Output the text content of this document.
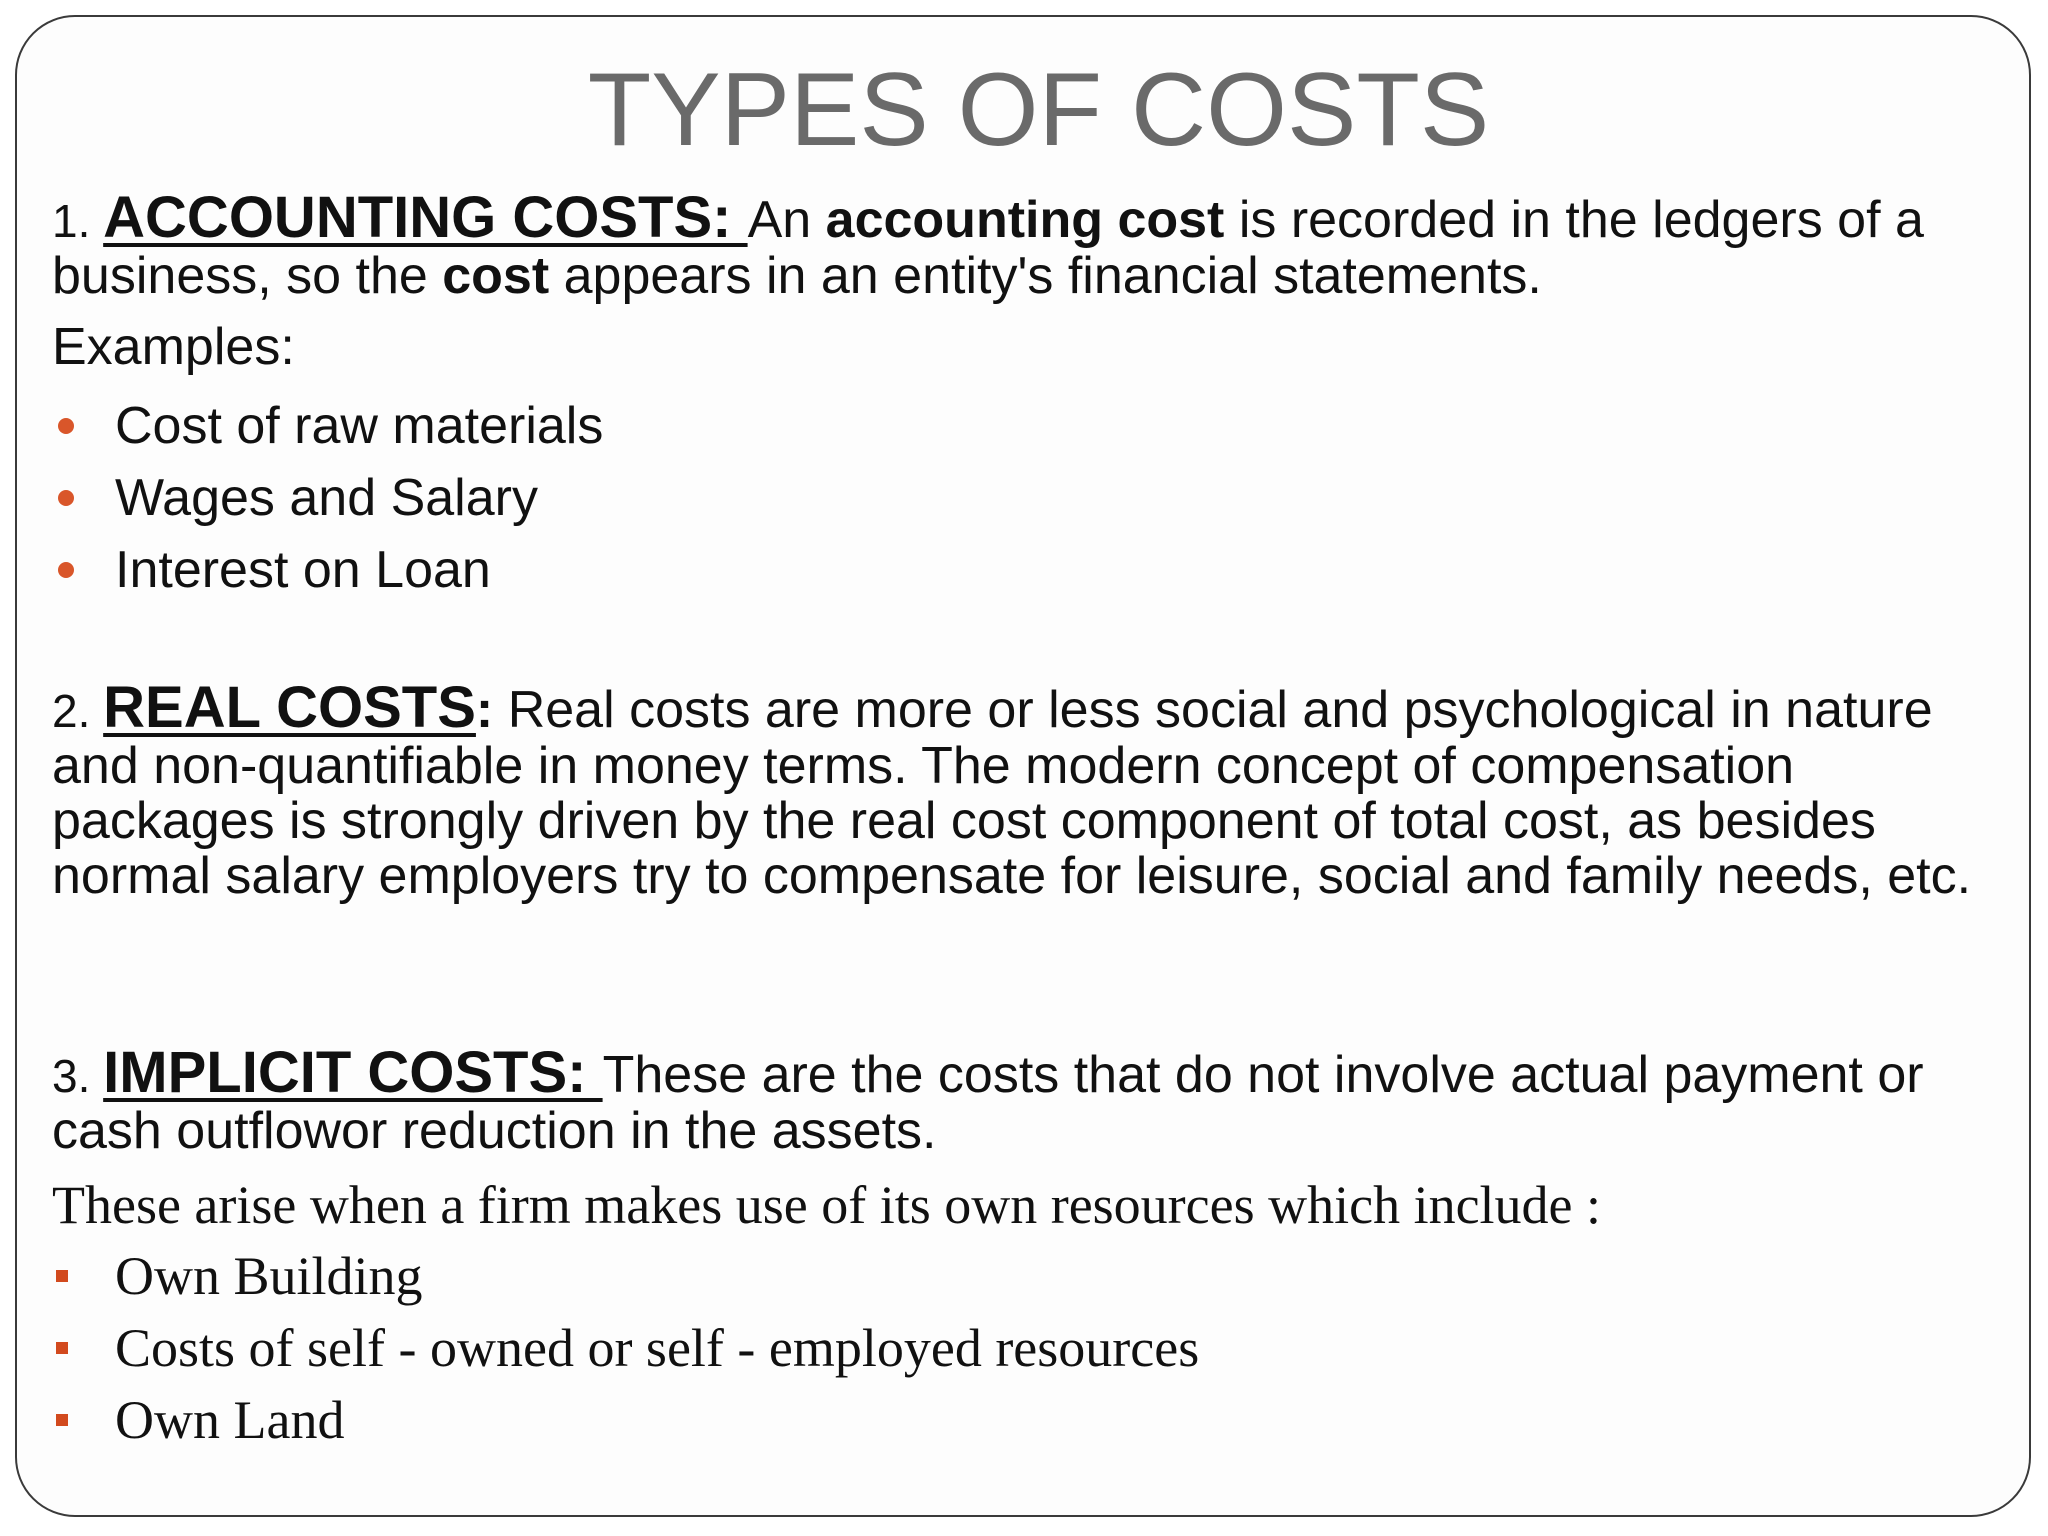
TYPES OF COSTS

1. ACCOUNTING COSTS: An accounting cost is recorded in the ledgers of a business, so the cost appears in an entity's financial statements.

Examples:

Cost of raw materials
Wages and Salary
Interest on Loan

2. REAL COSTS: Real costs are more or less social and psychological in nature and non-quantifiable in money terms. The modern concept of compensation packages is strongly driven by the real cost component of total cost, as besides normal salary employers try to compensate for leisure, social and family needs, etc.

3. IMPLICIT COSTS: These are the costs that do not involve actual payment or cash outflowor reduction in the assets.

These arise when a firm makes use of its own resources which include :

Own Building
Costs of self - owned or self - employed resources
Own Land
